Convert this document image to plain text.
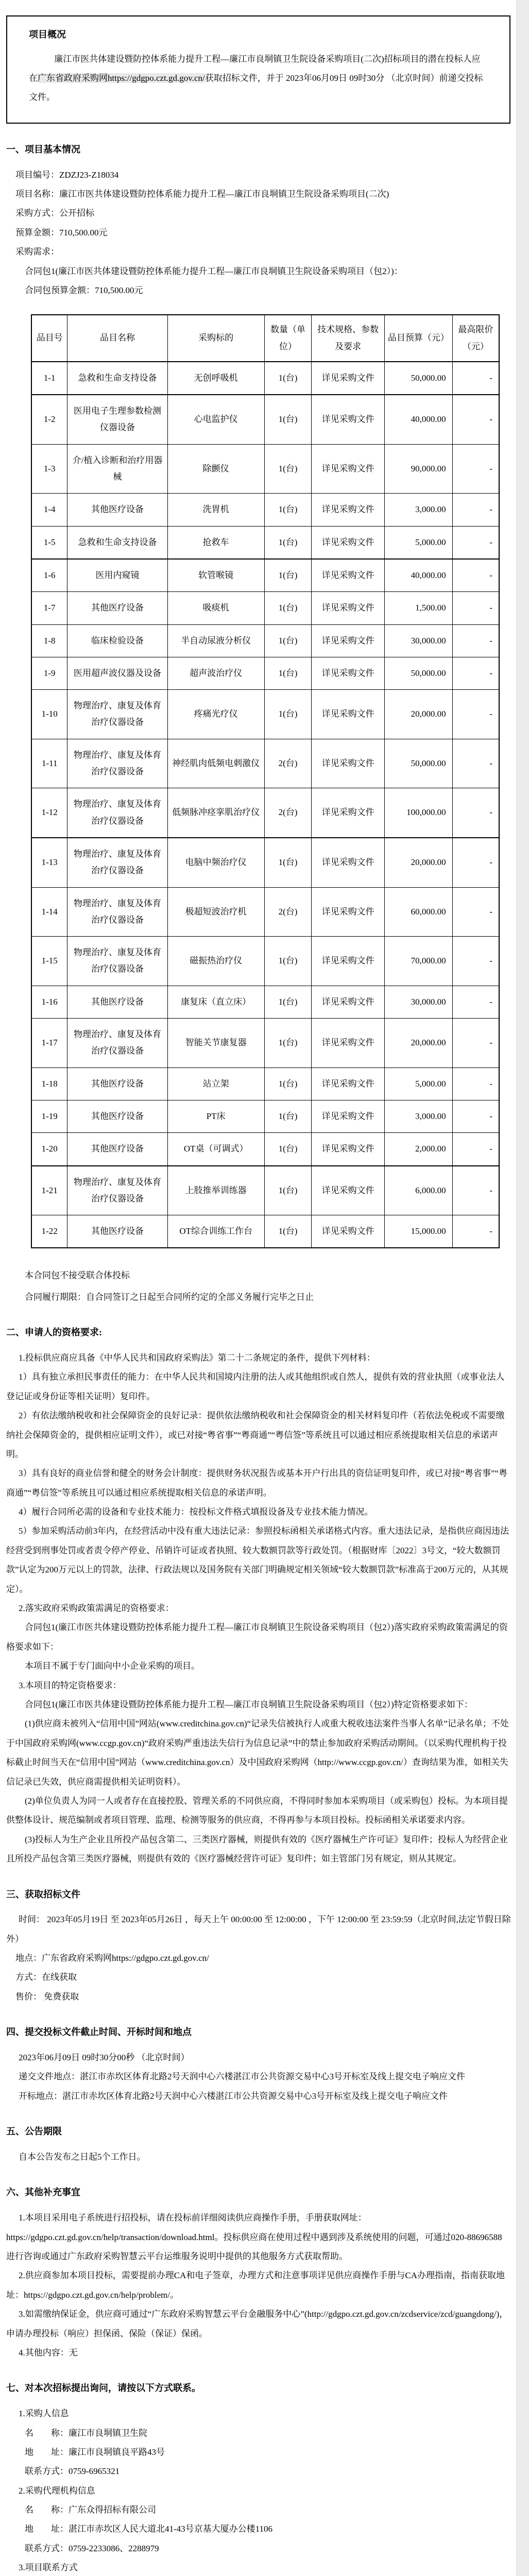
项目概况

廉江市医共体建设暨防控体系能力提升工程—廉江市良垌镇卫生院设备采购项目(二次)招标项目的潜在投标人应在广东省政府采购网https://gdgpo.czt.gd.gov.cn/获取招标文件，并于 2023年06月09日 09时30分 （北京时间）前递交投标文件。

一、项目基本情况

项目编号：ZDZJ23-Z18034

项目名称：廉江市医共体建设暨防控体系能力提升工程—廉江市良垌镇卫生院设备采购项目(二次)

采购方式：公开招标

预算金额：710,500.00元

采购需求：

合同包1(廉江市医共体建设暨防控体系能力提升工程—廉江市良垌镇卫生院设备采购项目（包2）)：

合同包预算金额：710,500.00元

品目号	品目名称	采购标的	数量（单位）	技术规格、参数及要求	品目预算（元）	最高限价（元）
1-1	急救和生命支持设备	无创呼吸机	1(台)	详见采购文件	50,000.00	-
1-2	医用电子生理参数检测仪器设备	心电监护仪	1(台)	详见采购文件	40,000.00	-
1-3	介/植入诊断和治疗用器械	除颤仪	1(台)	详见采购文件	90,000.00	-
1-4	其他医疗设备	洗胃机	1(台)	详见采购文件	3,000.00	-
1-5	急救和生命支持设备	抢救车	1(台)	详见采购文件	5,000.00	-
1-6	医用内窥镜	软管喉镜	1(台)	详见采购文件	40,000.00	-
1-7	其他医疗设备	吸痰机	1(台)	详见采购文件	1,500.00	-
1-8	临床检验设备	半自动尿液分析仪	1(台)	详见采购文件	30,000.00	-
1-9	医用超声波仪器及设备	超声波治疗仪	1(台)	详见采购文件	50,000.00	-
1-10	物理治疗、康复及体育治疗仪器设备	疼痛光疗仪	1(台)	详见采购文件	20,000.00	-
1-11	物理治疗、康复及体育治疗仪器设备	神经肌肉低频电刺激仪	2(台)	详见采购文件	50,000.00	-
1-12	物理治疗、康复及体育治疗仪器设备	低频脉冲痉挛肌治疗仪	2(台)	详见采购文件	100,000.00	-
1-13	物理治疗、康复及体育治疗仪器设备	电脑中频治疗仪	1(台)	详见采购文件	20,000.00	-
1-14	物理治疗、康复及体育治疗仪器设备	极超短波治疗机	2(台)	详见采购文件	60,000.00	-
1-15	物理治疗、康复及体育治疗仪器设备	磁振热治疗仪	1(台)	详见采购文件	70,000.00	-
1-16	其他医疗设备	康复床（直立床）	1(台)	详见采购文件	30,000.00	-
1-17	物理治疗、康复及体育治疗仪器设备	智能关节康复器	1(台)	详见采购文件	20,000.00	-
1-18	其他医疗设备	站立架	1(台)	详见采购文件	5,000.00	-
1-19	其他医疗设备	PT床	1(台)	详见采购文件	3,000.00	-
1-20	其他医疗设备	OT桌（可调式）	1(台)	详见采购文件	2,000.00	-
1-21	物理治疗、康复及体育治疗仪器设备	上肢推举训练器	1(台)	详见采购文件	6,000.00	-
1-22	其他医疗设备	OT综合训练工作台	1(台)	详见采购文件	15,000.00	-

本合同包不接受联合体投标

合同履行期限：自合同签订之日起至合同所约定的全部义务履行完毕之日止

二、申请人的资格要求:

1.投标供应商应具备《中华人民共和国政府采购法》第二十二条规定的条件，提供下列材料：

1）具有独立承担民事责任的能力：在中华人民共和国境内注册的法人或其他组织或自然人，提供有效的营业执照（或事业法人登记证或身份证等相关证明）复印件。

2）有依法缴纳税收和社会保障资金的良好记录：提供依法缴纳税收和社会保障资金的相关材料复印件（若依法免税或不需要缴纳社会保障资金的，提供相应证明文件），或已对接“粤省事”“粤商通”“粤信签”等系统且可以通过相应系统提取相关信息的承诺声明。

3）具有良好的商业信誉和健全的财务会计制度：提供财务状况报告或基本开户行出具的资信证明复印件，或已对接“粤省事”“粤商通”“粤信签”等系统且可以通过相应系统提取相关信息的承诺声明。

4）履行合同所必需的设备和专业技术能力：按投标文件格式填报设备及专业技术能力情况。

5）参加采购活动前3年内，在经营活动中没有重大违法记录：参照投标函相关承诺格式内容。重大违法记录，是指供应商因违法经营受到刑事处罚或者责令停产停业、吊销许可证或者执照、较大数额罚款等行政处罚。（根据财库〔2022〕3号文，“较大数额罚款”认定为200万元以上的罚款，法律、行政法规以及国务院有关部门明确规定相关领域“较大数额罚款”标准高于200万元的，从其规定）。

2.落实政府采购政策需满足的资格要求：

合同包1(廉江市医共体建设暨防控体系能力提升工程—廉江市良垌镇卫生院设备采购项目（包2）)落实政府采购政策需满足的资格要求如下：

本项目不属于专门面向中小企业采购的项目。

3.本项目的特定资格要求：

合同包1(廉江市医共体建设暨防控体系能力提升工程—廉江市良垌镇卫生院设备采购项目（包2）)特定资格要求如下：

(1)供应商未被列入“信用中国”网站(www.creditchina.gov.cn)“记录失信被执行人或重大税收违法案件当事人名单”记录名单；不处于中国政府采购网(www.ccgp.gov.cn)“政府采购严重违法失信行为信息记录”中的禁止参加政府采购活动期间。（以采购代理机构于投标截止时间当天在“信用中国”网站（www.creditchina.gov.cn）及中国政府采购网（http://www.ccgp.gov.cn/）查询结果为准，如相关失信记录已失效，供应商需提供相关证明资料）。

(2)单位负责人为同一人或者存在直接控股、管理关系的不同供应商，不得同时参加本采购项目（或采购包）投标。为本项目提供整体设计、规范编制或者项目管理、监理、检测等服务的供应商，不得再参与本项目投标。投标函相关承诺要求内容。

(3)投标人为生产企业且所投产品包含第二、三类医疗器械，则提供有效的《医疗器械生产许可证》复印件；投标人为经营企业且所投产品包含第三类医疗器械，则提供有效的《医疗器械经营许可证》复印件；如主管部门另有规定，则从其规定。

三、获取招标文件

时间： 2023年05月19日 至 2023年05月26日 ，每天上午 00:00:00 至 12:00:00 ，下午 12:00:00 至 23:59:59（北京时间,法定节假日除外）

地点：广东省政府采购网https://gdgpo.czt.gd.gov.cn/

方式：在线获取

售价： 免费获取

四、提交投标文件截止时间、开标时间和地点

2023年06月09日 09时30分00秒 （北京时间）

递交文件地点：湛江市赤坎区体育北路2号天润中心六楼湛江市公共资源交易中心3号开标室及线上提交电子响应文件

开标地点：湛江市赤坎区体育北路2号天润中心六楼湛江市公共资源交易中心3号开标室及线上提交电子响应文件

五、公告期限

自本公告发布之日起5个工作日。

六、其他补充事宜

1.本项目采用电子系统进行招投标，请在投标前详细阅读供应商操作手册，手册获取网址：https://gdgpo.czt.gd.gov.cn/help/transaction/download.html。投标供应商在使用过程中遇到涉及系统使用的问题，可通过020-88696588 进行咨询或通过广东政府采购智慧云平台运维服务说明中提供的其他服务方式获取帮助。

2.供应商参加本项目投标，需要提前办理CA和电子签章，办理方式和注意事项详见供应商操作手册与CA办理指南，指南获取地址：https://gdgpo.czt.gd.gov.cn/help/problem/。

3.如需缴纳保证金，供应商可通过“广东政府采购智慧云平台金融服务中心”(http://gdgpo.czt.gd.gov.cn/zcdservice/zcd/guangdong/)，申请办理投标（响应）担保函、保险（保证）保函。

4.其他内容：无

七、对本次招标提出询问，请按以下方式联系。

1.采购人信息

名　　称：廉江市良垌镇卫生院

地　　址：廉江市良垌镇良平路43号

联系方式：0759-6965321

2.采购代理机构信息

名　　称：广东众得招标有限公司

地　　址：湛江市赤坎区人民大道北41-43号京基大厦办公楼1106

联系方式：0759-2233086、2288979

3.项目联系方式
